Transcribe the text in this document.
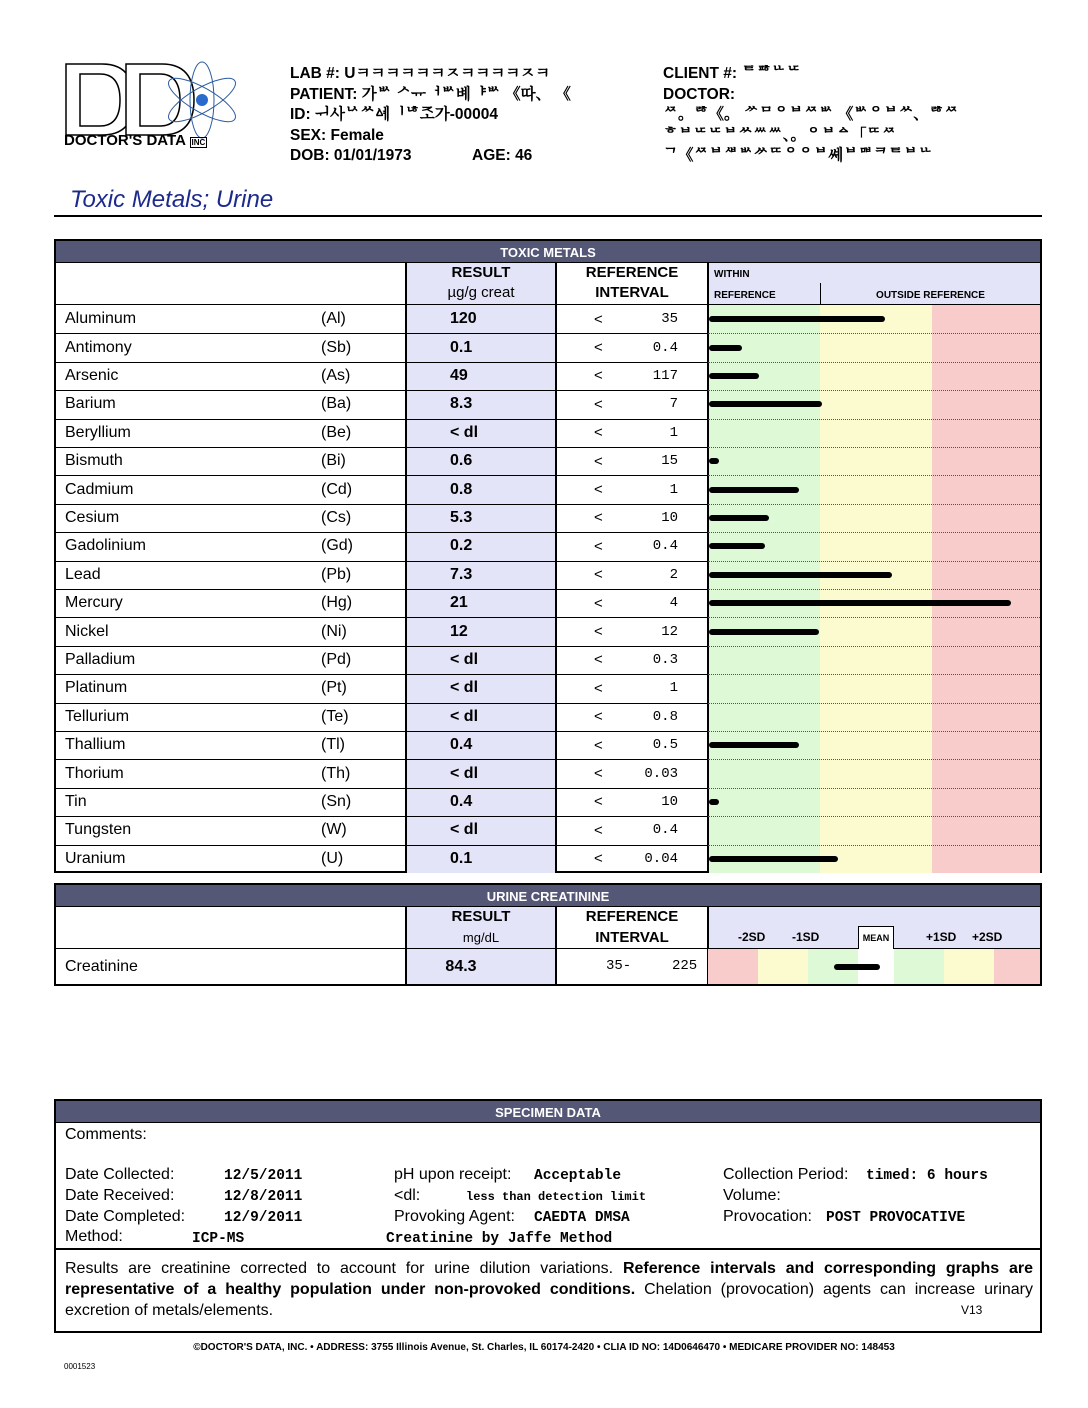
DOCTOR'S DATA INC
LAB #: Uㅋㅋㅋㅋㅋㅋㅈㅋㅋㅋㅋㅈㅋ
PATIENT: 가ᄡ ᄼᅠᅲᅥᄡ볘ᅣᄡ 《따、 《
ID: ᅱ사ᅛᄊᅀᅨᅵᅝᅐᅩ가-00004
SEX: Female
DOB: 01/01/1973	AGE: 46
CLIENT #: ᄐᄑᄒᄔᄕ
DOCTOR:
ᄶ。ᄚ《。 ᄽᄆᄋᄇᄶᄡ 《ᄡᄋᄇᄊ、ᄚᄶ
ᄒᄇᄕᄕᄇᄊᄴᄴ、。ᄋᄇᅀ「ᄄᄶ
ᄀ《ᄶᄇᄲᄡᄽᅠᄄᄋᄋᄇ쎼ᄇᄜᄏᄐᄇᄔ
Toxic Metals; Urine
TOXIC METALS
RESULT
µg/g creat
REFERENCE
INTERVAL
WITHIN
REFERENCE	OUTSIDE REFERENCE
Aluminum	(Al)	120	<	35
Antimony	(Sb)	0.1	<	0.4
Arsenic	(As)	49	<	117
Barium	(Ba)	8.3	<	7
Beryllium	(Be)	< dl	<	1
Bismuth	(Bi)	0.6	<	15
Cadmium	(Cd)	0.8	<	1
Cesium	(Cs)	5.3	<	10
Gadolinium	(Gd)	0.2	<	0.4
Lead	(Pb)	7.3	<	2
Mercury	(Hg)	21	<	4
Nickel	(Ni)	12	<	12
Palladium	(Pd)	< dl	<	0.3
Platinum	(Pt)	< dl	<	1
Tellurium	(Te)	< dl	<	0.8
Thallium	(Tl)	0.4	<	0.5
Thorium	(Th)	< dl	<	0.03
Tin	(Sn)	0.4	<	10
Tungsten	(W)	< dl	<	0.4
Uranium	(U)	0.1	<	0.04
URINE CREATININE
RESULT
mg/dL
REFERENCE
INTERVAL	-2SD -1SD	MEAN	+1SD +2SD
Creatinine	84.3	35-	225
SPECIMEN DATA
Comments:
Date Collected:	12/5/2011
Date Received:	12/8/2011
Date Completed:	12/9/2011
Method:	ICP-MS
pH upon receipt: Acceptable
<dl:	less than detection limit
Provoking Agent: CAEDTA DMSA
Creatinine by Jaffe Method
Collection Period: timed: 6 hours
Volume:
Provocation: POST PROVOCATIVE
Results are creatinine corrected to account for urine dilution variations. Reference intervals and corresponding graphs are representative of a healthy population under non-provoked conditions. Chelation (provocation) agents can increase urinary excretion of metals/elements.	V13
©DOCTOR'S DATA, INC. • ADDRESS: 3755 Illinois Avenue, St. Charles, IL 60174-2420 • CLIA ID NO: 14D0646470 • MEDICARE PROVIDER NO: 148453
0001523
